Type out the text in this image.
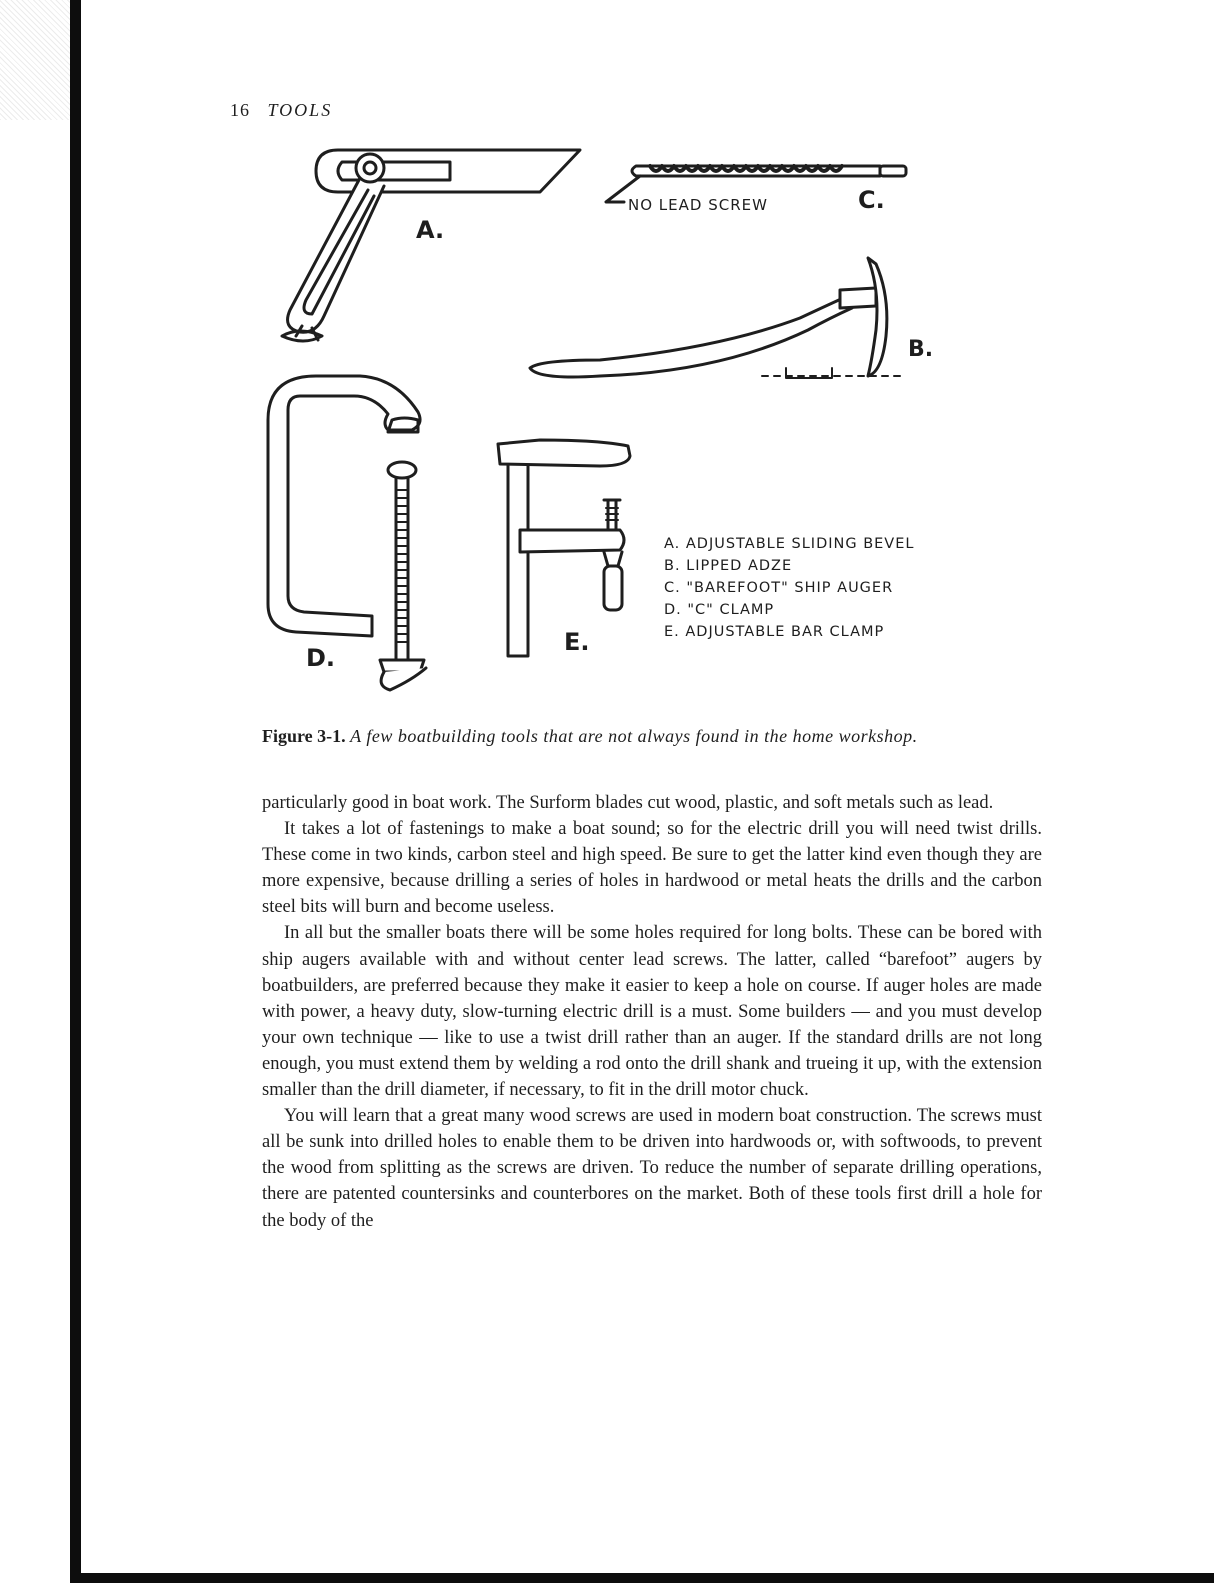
16 TOOLS
NO LEAD SCREW
A.
B.
C.
D.
E.
A. ADJUSTABLE SLIDING BEVEL
B. LIPPED ADZE
C. "BAREFOOT" SHIP AUGER
D. "C" CLAMP
E. ADJUSTABLE BAR CLAMP
Figure 3-1. A few boatbuilding tools that are not always found in the home workshop.

particularly good in boat work. The Surform blades cut wood, plastic, and soft metals such as lead.

It takes a lot of fastenings to make a boat sound; so for the electric drill you will need twist drills. These come in two kinds, carbon steel and high speed. Be sure to get the latter kind even though they are more expensive, because drilling a series of holes in hardwood or metal heats the drills and the carbon steel bits will burn and become useless.

In all but the smaller boats there will be some holes required for long bolts. These can be bored with ship augers available with and without center lead screws. The latter, called “barefoot” augers by boatbuilders, are preferred because they make it easier to keep a hole on course. If auger holes are made with power, a heavy duty, slow-turning electric drill is a must. Some builders — and you must develop your own technique — like to use a twist drill rather than an auger. If the standard drills are not long enough, you must extend them by welding a rod onto the drill shank and trueing it up, with the extension smaller than the drill diameter, if necessary, to fit in the drill motor chuck.

You will learn that a great many wood screws are used in modern boat construction. The screws must all be sunk into drilled holes to enable them to be driven into hardwoods or, with softwoods, to prevent the wood from splitting as the screws are driven. To reduce the number of separate drilling operations, there are patented countersinks and counterbores on the market. Both of these tools first drill a hole for the body of the
